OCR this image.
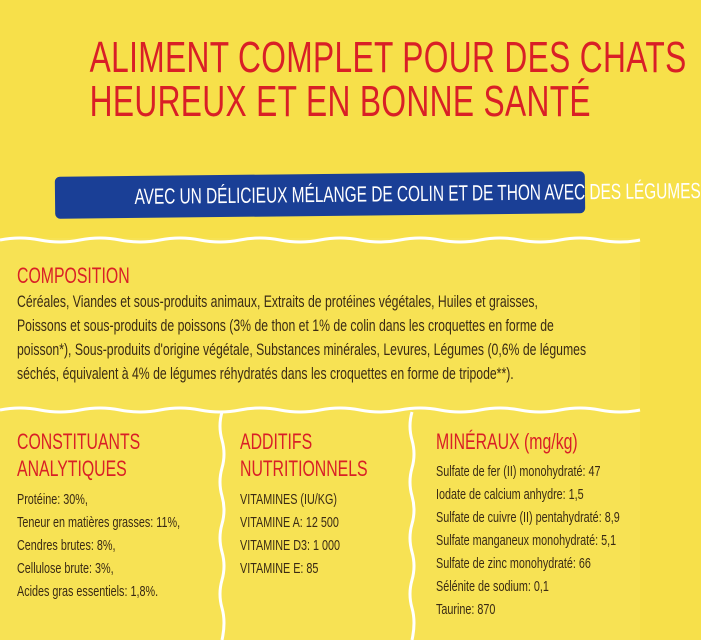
ALIMENT COMPLET POUR DES CHATS
HEUREUX ET EN BONNE SANTÉ
AVEC UN DÉLICIEUX MÉLANGE DE COLIN ET DE THON AVEC DES LÉGUMES
COMPOSITION
Céréales, Viandes et sous-produits animaux, Extraits de protéines végétales, Huiles et graisses,
Poissons et sous-produits de poissons (3% de thon et 1% de colin dans les croquettes en forme de
poisson*), Sous-produits d'origine végétale, Substances minérales, Levures, Légumes (0,6% de légumes
séchés, équivalent à 4% de légumes réhydratés dans les croquettes en forme de tripode**).
CONSTITUANTS
ANALYTIQUES
Protéine: 30%,
Teneur en matières grasses: 11%,
Cendres brutes: 8%,
Cellulose brute: 3%,
Acides gras essentiels: 1,8%.
ADDITIFS
NUTRITIONNELS
VITAMINES (IU/KG)
VITAMINE A: 12 500
VITAMINE D3: 1 000
VITAMINE E: 85
MINÉRAUX (mg/kg)
Sulfate de fer (II) monohydraté: 47
Iodate de calcium anhydre: 1,5
Sulfate de cuivre (II) pentahydraté: 8,9
Sulfate manganeux monohydraté: 5,1
Sulfate de zinc monohydraté: 66
Sélénite de sodium: 0,1
Taurine: 870
